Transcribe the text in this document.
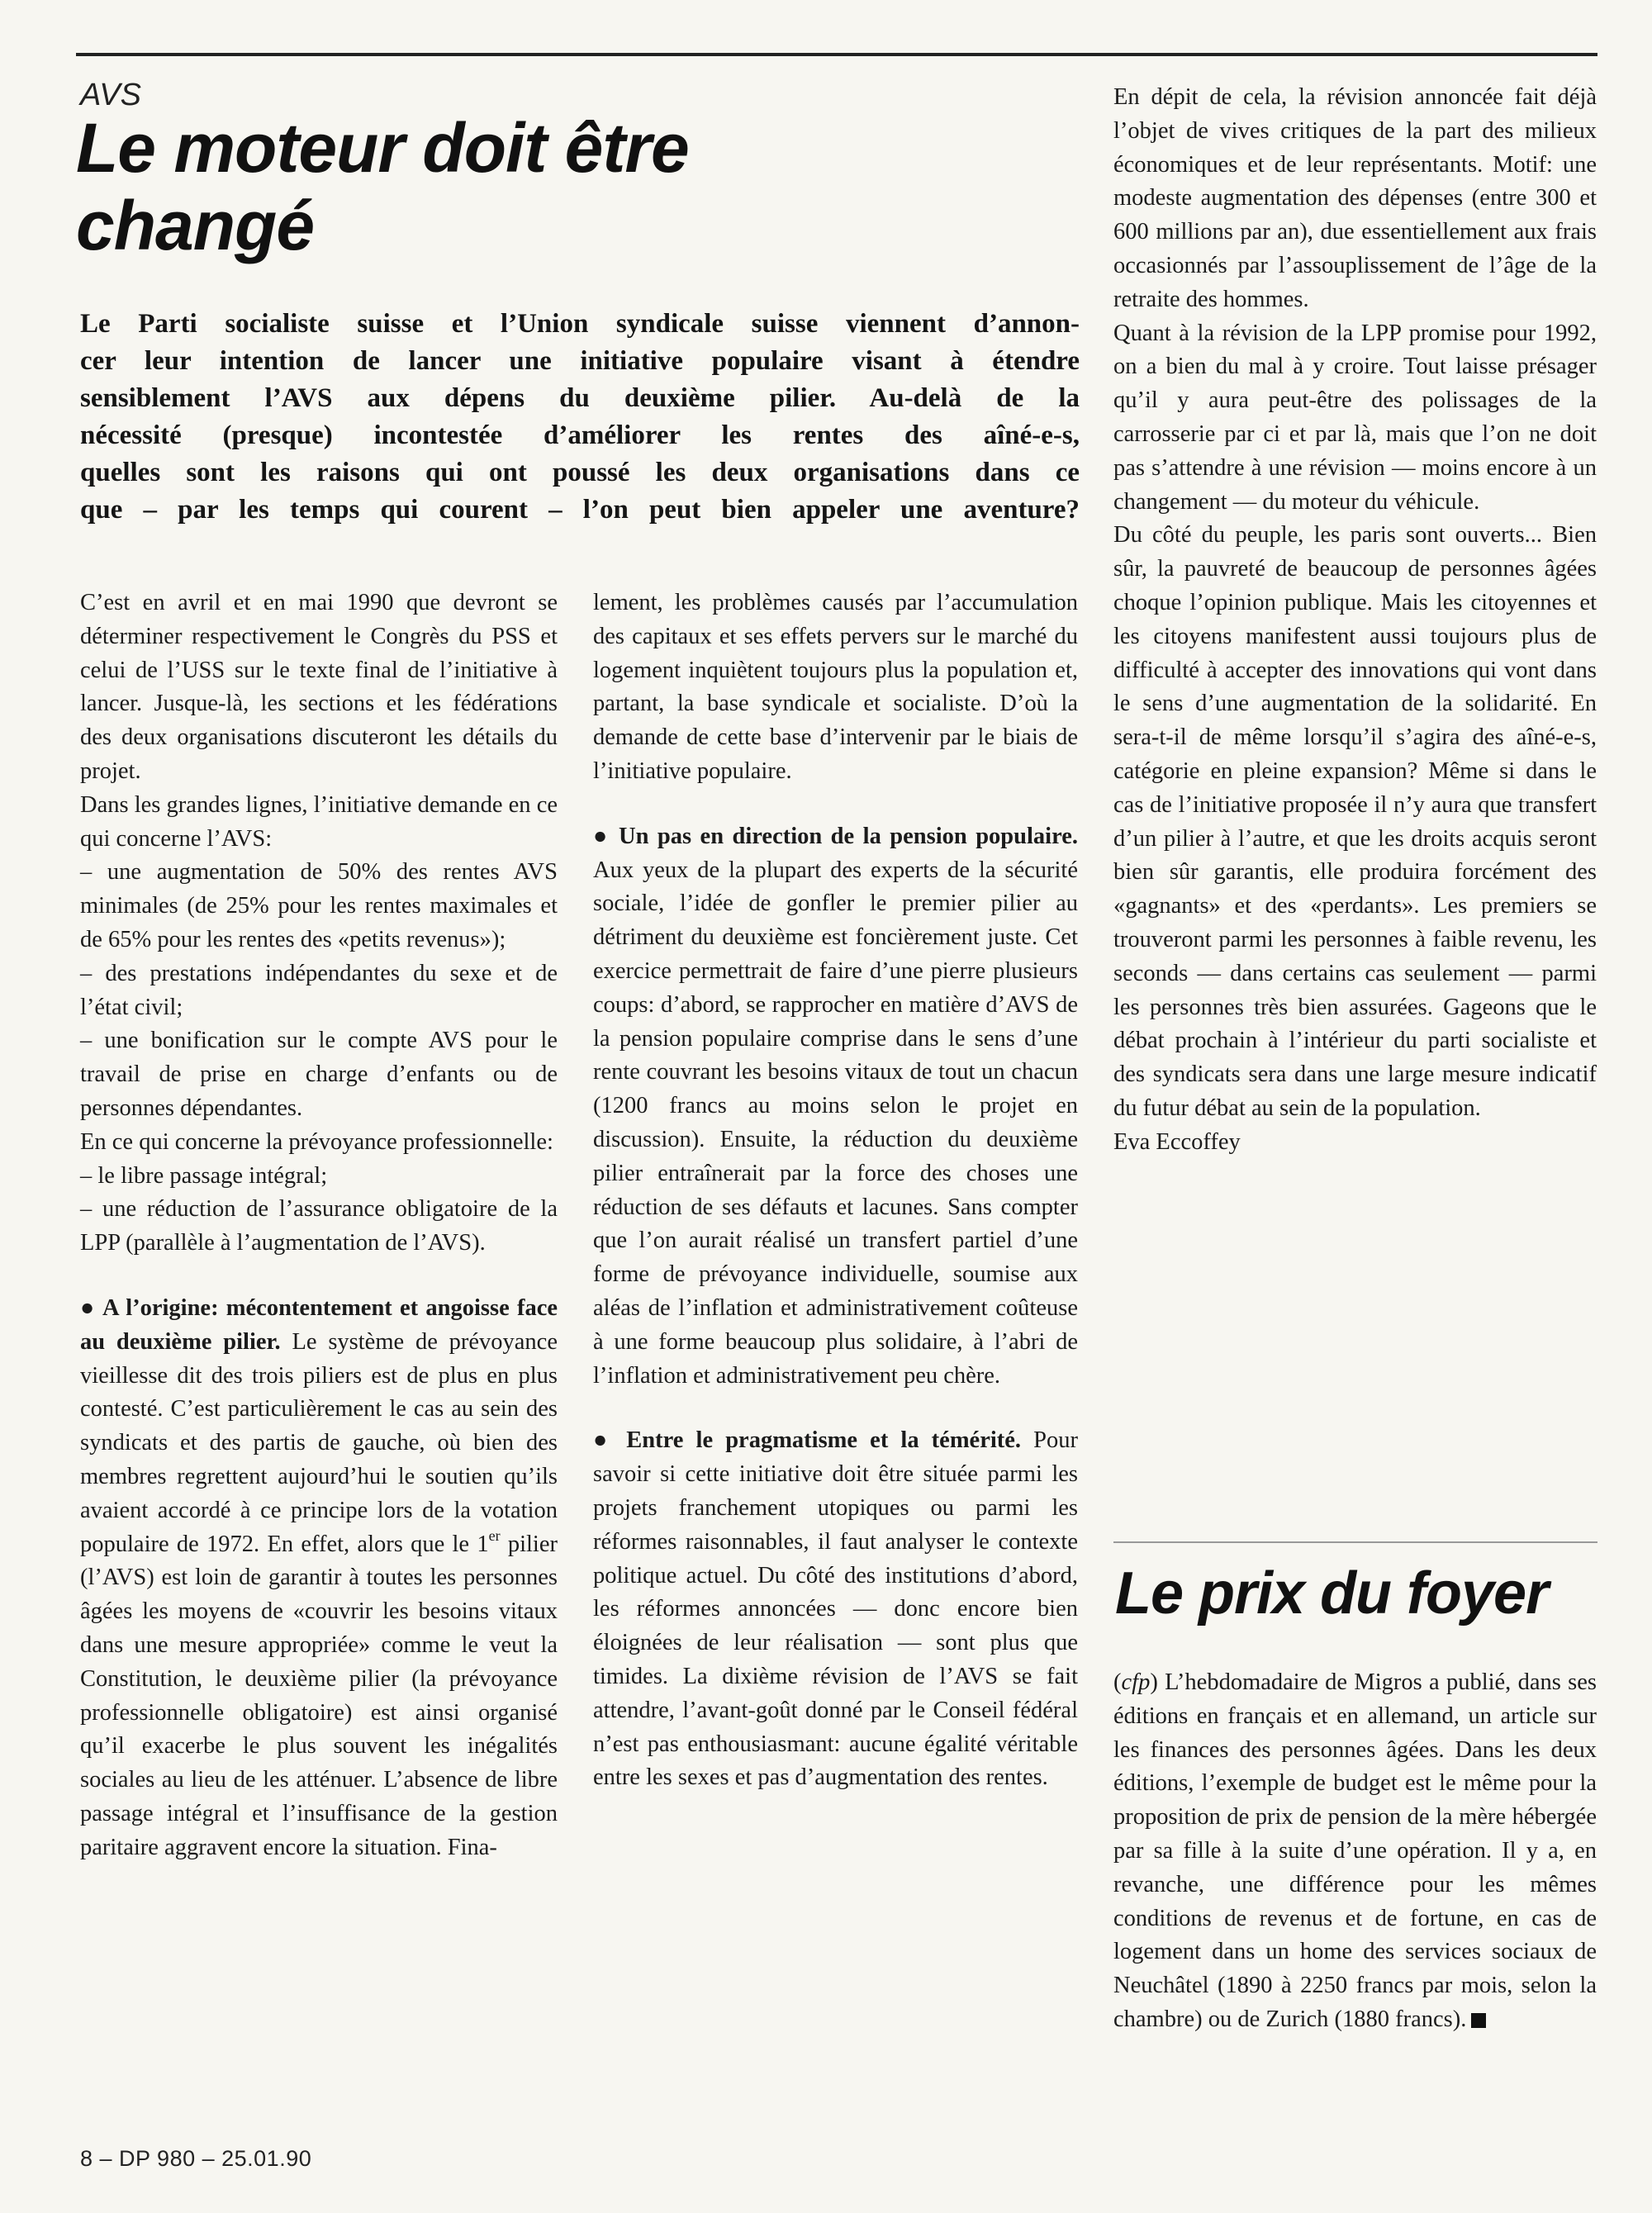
AVS
Le moteur doit être
changé
Le Parti socialiste suisse et l’Union syndicale suisse viennent d’annon-
cer leur intention de lancer une initiative populaire visant à étendre
sensiblement l’AVS aux dépens du deuxième pilier. Au-delà de la
nécessité (presque) incontestée d’améliorer les rentes des aîné-e-s,
quelles sont les raisons qui ont poussé les deux organisations dans ce
que – par les temps qui courent – l’on peut bien appeler une aventure?

C’est en avril et en mai 1990 que devront se déterminer respectivement le Congrès du PSS et celui de l’USS sur le texte final de l’initiative à lancer. Jusque-là, les sections et les fédérations des deux organisations discuteront les détails du projet.

Dans les grandes lignes, l’initiative demande en ce qui concerne l’AVS:

– une augmentation de 50% des rentes AVS minimales (de 25% pour les rentes maximales et de 65% pour les rentes des «petits revenus»);

– des prestations indépendantes du sexe et de l’état civil;

– une bonification sur le compte AVS pour le travail de prise en charge d’enfants ou de personnes dépendantes.

En ce qui concerne la prévoyance professionnelle:

– le libre passage intégral;

– une réduction de l’assurance obligatoire de la LPP (parallèle à l’augmentation de l’AVS).

● A l’origine: mécontentement et angoisse face au deuxième pilier. Le système de prévoyance vieillesse dit des trois piliers est de plus en plus contesté. C’est particulièrement le cas au sein des syndicats et des partis de gauche, où bien des membres regrettent aujourd’hui le soutien qu’ils avaient accordé à ce principe lors de la votation populaire de 1972. En effet, alors que le 1er pilier (l’AVS) est loin de garantir à toutes les personnes âgées les moyens de «couvrir les besoins vitaux dans une mesure appropriée» comme le veut la Constitution, le deuxième pilier (la prévoyance professionnelle obligatoire) est ainsi organisé qu’il exacerbe le plus souvent les inégalités sociales au lieu de les atténuer. L’absence de libre passage intégral et l’insuffisance de la gestion paritaire aggravent encore la situation. Fina-

lement, les problèmes causés par l’accumulation des capitaux et ses effets pervers sur le marché du logement inquiètent toujours plus la population et, partant, la base syndicale et socialiste. D’où la demande de cette base d’intervenir par le biais de l’initiative populaire.

● Un pas en direction de la pension populaire. Aux yeux de la plupart des experts de la sécurité sociale, l’idée de gonfler le premier pilier au détriment du deuxième est foncièrement juste. Cet exercice permettrait de faire d’une pierre plusieurs coups: d’abord, se rapprocher en matière d’AVS de la pension populaire comprise dans le sens d’une rente couvrant les besoins vitaux de tout un chacun (1200 francs au moins selon le projet en discussion). Ensuite, la réduction du deuxième pilier entraînerait par la force des choses une réduction de ses défauts et lacunes. Sans compter que l’on aurait réalisé un transfert partiel d’une forme de prévoyance individuelle, soumise aux aléas de l’inflation et administrativement coûteuse à une forme beaucoup plus solidaire, à l’abri de l’inflation et administrativement peu chère.

● Entre le pragmatisme et la témérité. Pour savoir si cette initiative doit être située parmi les projets franchement utopiques ou parmi les réformes raisonnables, il faut analyser le contexte politique actuel. Du côté des institutions d’abord, les réformes annoncées — donc encore bien éloignées de leur réalisation — sont plus que timides. La dixième révision de l’AVS se fait attendre, l’avant-goût donné par le Conseil fédéral n’est pas enthousiasmant: aucune égalité véritable entre les sexes et pas d’augmentation des rentes.

En dépit de cela, la révision annoncée fait déjà l’objet de vives critiques de la part des milieux économiques et de leur représentants. Motif: une modeste augmentation des dépenses (entre 300 et 600 millions par an), due essentiellement aux frais occasionnés par l’assouplissement de l’âge de la retraite des hommes.

Quant à la révision de la LPP promise pour 1992, on a bien du mal à y croire. Tout laisse présager qu’il y aura peut-être des polissages de la carrosserie par ci et par là, mais que l’on ne doit pas s’attendre à une révision — moins encore à un changement — du moteur du véhicule.

Du côté du peuple, les paris sont ouverts... Bien sûr, la pauvreté de beaucoup de personnes âgées choque l’opinion publique. Mais les citoyennes et les citoyens manifestent aussi toujours plus de difficulté à accepter des innovations qui vont dans le sens d’une augmentation de la solidarité. En sera-t-il de même lorsqu’il s’agira des aîné-e-s, catégorie en pleine expansion? Même si dans le cas de l’initiative proposée il n’y aura que transfert d’un pilier à l’autre, et que les droits acquis seront bien sûr garantis, elle produira forcément des «gagnants» et des «perdants». Les premiers se trouveront parmi les personnes à faible revenu, les seconds — dans certains cas seulement — parmi les personnes très bien assurées. Gageons que le débat prochain à l’intérieur du parti socialiste et des syndicats sera dans une large mesure indicatif du futur débat au sein de la population.

Eva Eccoffey

Le prix du foyer

(cfp) L’hebdomadaire de Migros a publié, dans ses éditions en français et en allemand, un article sur les finances des personnes âgées. Dans les deux éditions, l’exemple de budget est le même pour la proposition de prix de pension de la mère hébergée par sa fille à la suite d’une opération. Il y a, en revanche, une différence pour les mêmes conditions de revenus et de fortune, en cas de logement dans un home des services sociaux de Neuchâtel (1890 à 2250 francs par mois, selon la chambre) ou de Zurich (1880 francs).

8 – DP 980 – 25.01.90
